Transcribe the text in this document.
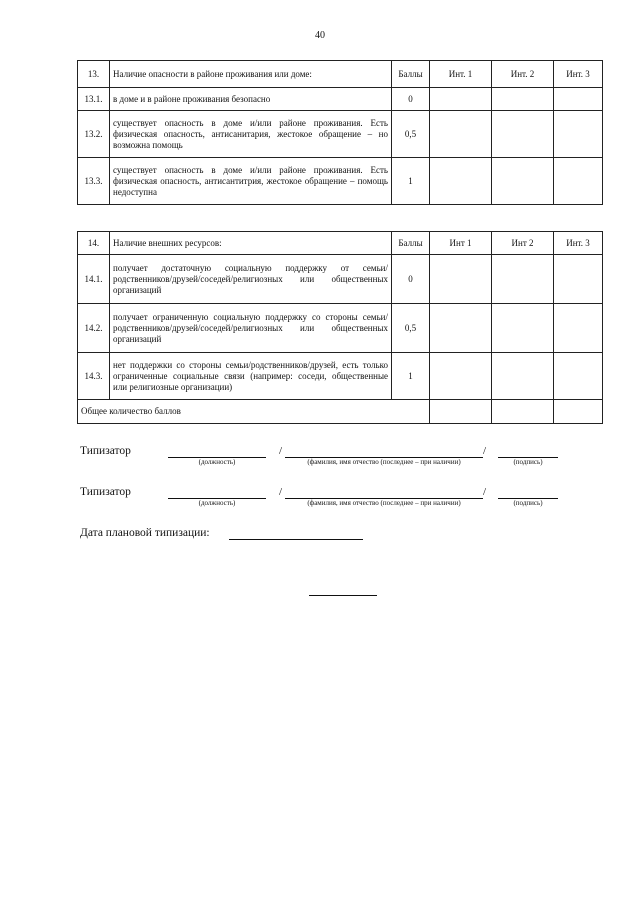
40
13.	Наличие опасности в районе проживания или доме:	Баллы	Инт. 1	Инт. 2	Инт. 3
13.1.	в доме и в районе проживания безопасно	0			
13.2.	существует опасность в доме и/или районе проживания. Есть физическая опасность, антисанитария, жестокое обращение – но возможна помощь	0,5			
13.3.	существует опасность в доме и/или районе проживания. Есть физическая опасность, антисантитрия, жестокое обращение – помощь недоступна	1			
14.	Наличие внешних ресурсов:	Баллы	Инт 1	Инт 2	Инт. 3
14.1.	получает достаточную социальную поддержку от семьи/родственников/друзей/соседей/религиозных или общественных организаций	0			
14.2.	получает ограниченную социальную поддержку со стороны семьи/родственников/друзей/соседей/религиозных или общественных организаций	0,5			
14.3.	нет поддержки со стороны семьи/родственников/друзей, есть только ограниченные социальные связи (например: соседи, общественные или религиозные организации)	1			
Общее количество баллов					
Типизатор
(должность)
/
(фамилия, имя отчество (последнее – при наличии)
/
(подпись)
Типизатор
(должность)
/
(фамилия, имя отчество (последнее – при наличии)
/
(подпись)
Дата плановой типизации:
